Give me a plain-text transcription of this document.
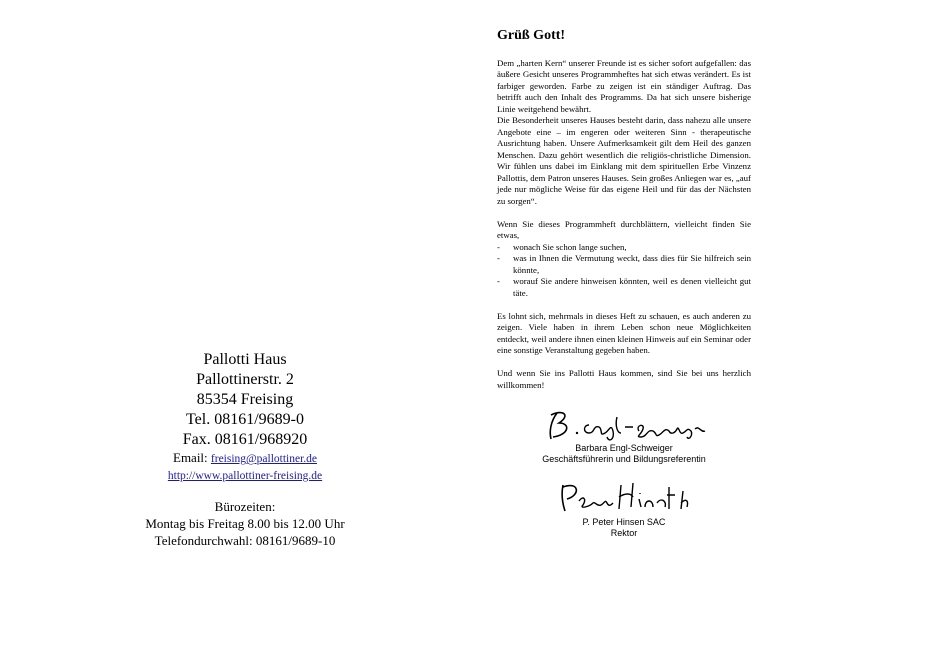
Pallotti Haus
Pallottinerstr. 2
85354 Freising
Tel. 08161/9689-0
Fax. 08161/968920
Email: freising@pallottiner.de
http://www.pallottiner-freising.de
Bürozeiten:
Montag bis Freitag 8.00 bis 12.00 Uhr
Telefondurchwahl: 08161/9689-10
Grüß Gott!

Dem „harten Kern“ unserer Freunde ist es sicher sofort aufgefallen: das äußere Gesicht unseres Programmheftes hat sich etwas verändert. Es ist farbiger geworden. Farbe zu zeigen ist ein ständiger Auftrag. Das betrifft auch den Inhalt des Programms. Da hat sich unsere bisherige Linie weitgehend bewährt.

Die Besonderheit unseres Hauses besteht darin, dass nahezu alle unsere Angebote eine – im engeren oder weiteren Sinn - therapeutische Ausrichtung haben. Unsere Aufmerksamkeit gilt dem Heil des ganzen Menschen. Dazu gehört wesentlich die religiös-christliche Dimension. Wir fühlen uns dabei im Einklang mit dem spirituellen Erbe Vinzenz Pallottis, dem Patron unseres Hauses. Sein großes Anliegen war es, „auf jede nur mögliche Weise für das eigene Heil und für das der Nächsten zu sorgen“.

Wenn Sie dieses Programmheft durchblättern, vielleicht finden Sie etwas,

-	wonach Sie schon lange suchen,
-	was in Ihnen die Vermutung weckt, dass dies für Sie hilfreich sein könnte,
-	worauf Sie andere hinweisen könnten, weil es denen vielleicht gut täte.

Es lohnt sich, mehrmals in dieses Heft zu schauen, es auch anderen zu zeigen. Viele haben in ihrem Leben schon neue Möglichkeiten entdeckt, weil andere ihnen einen kleinen Hinweis auf ein Seminar oder eine sonstige Veranstaltung gegeben haben.

Und wenn Sie ins Pallotti Haus kommen, sind Sie bei uns herzlich willkommen!

Barbara Engl-Schweiger
Geschäftsführerin und Bildungsreferentin
P. Peter Hinsen SAC
Rektor
